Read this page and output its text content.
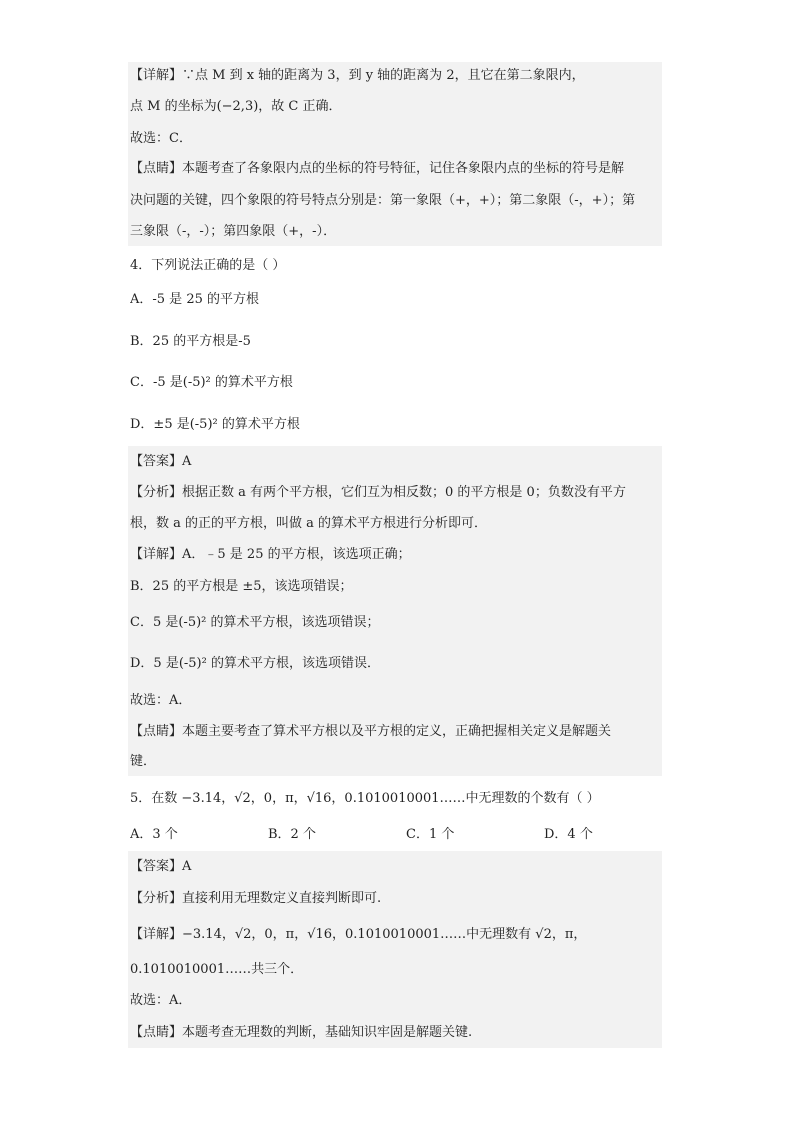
【详解】∵点 M 到 x 轴的距离为 3，到 y 轴的距离为 2，且它在第二象限内，
点 M 的坐标为(−2,3)，故 C 正确．
故选：C．
【点睛】本题考查了各象限内点的坐标的符号特征，记住各象限内点的坐标的符号是解
决问题的关键，四个象限的符号特点分别是：第一象限（+，+）；第二象限（-，+）；第
三象限（-，-）；第四象限（+，-）．
4．下列说法正确的是（ ）
A．-5 是 25 的平方根
B．25 的平方根是-5
C．-5 是(-5)² 的算术平方根
D．±5 是(-5)² 的算术平方根
【答案】A
【分析】根据正数 a 有两个平方根，它们互为相反数；0 的平方根是 0；负数没有平方
根，数 a 的正的平方根，叫做 a 的算术平方根进行分析即可．
【详解】A．﹣5 是 25 的平方根，该选项正确；
B．25 的平方根是 ±5，该选项错误；
C．5 是(-5)² 的算术平方根，该选项错误；
D．5 是(-5)² 的算术平方根，该选项错误．
故选：A．
【点睛】本题主要考查了算术平方根以及平方根的定义，正确把握相关定义是解题关
键．
5．在数 −3.14，√2，0，π，√16，0.1010010001……中无理数的个数有（ ）
A．3 个	B．2 个	C．1 个	D．4 个
【答案】A
【分析】直接利用无理数定义直接判断即可.
【详解】−3.14，√2，0，π，√16，0.1010010001……中无理数有 √2，π，
0.1010010001……共三个．
故选：A．
【点睛】本题考查无理数的判断，基础知识牢固是解题关键.
